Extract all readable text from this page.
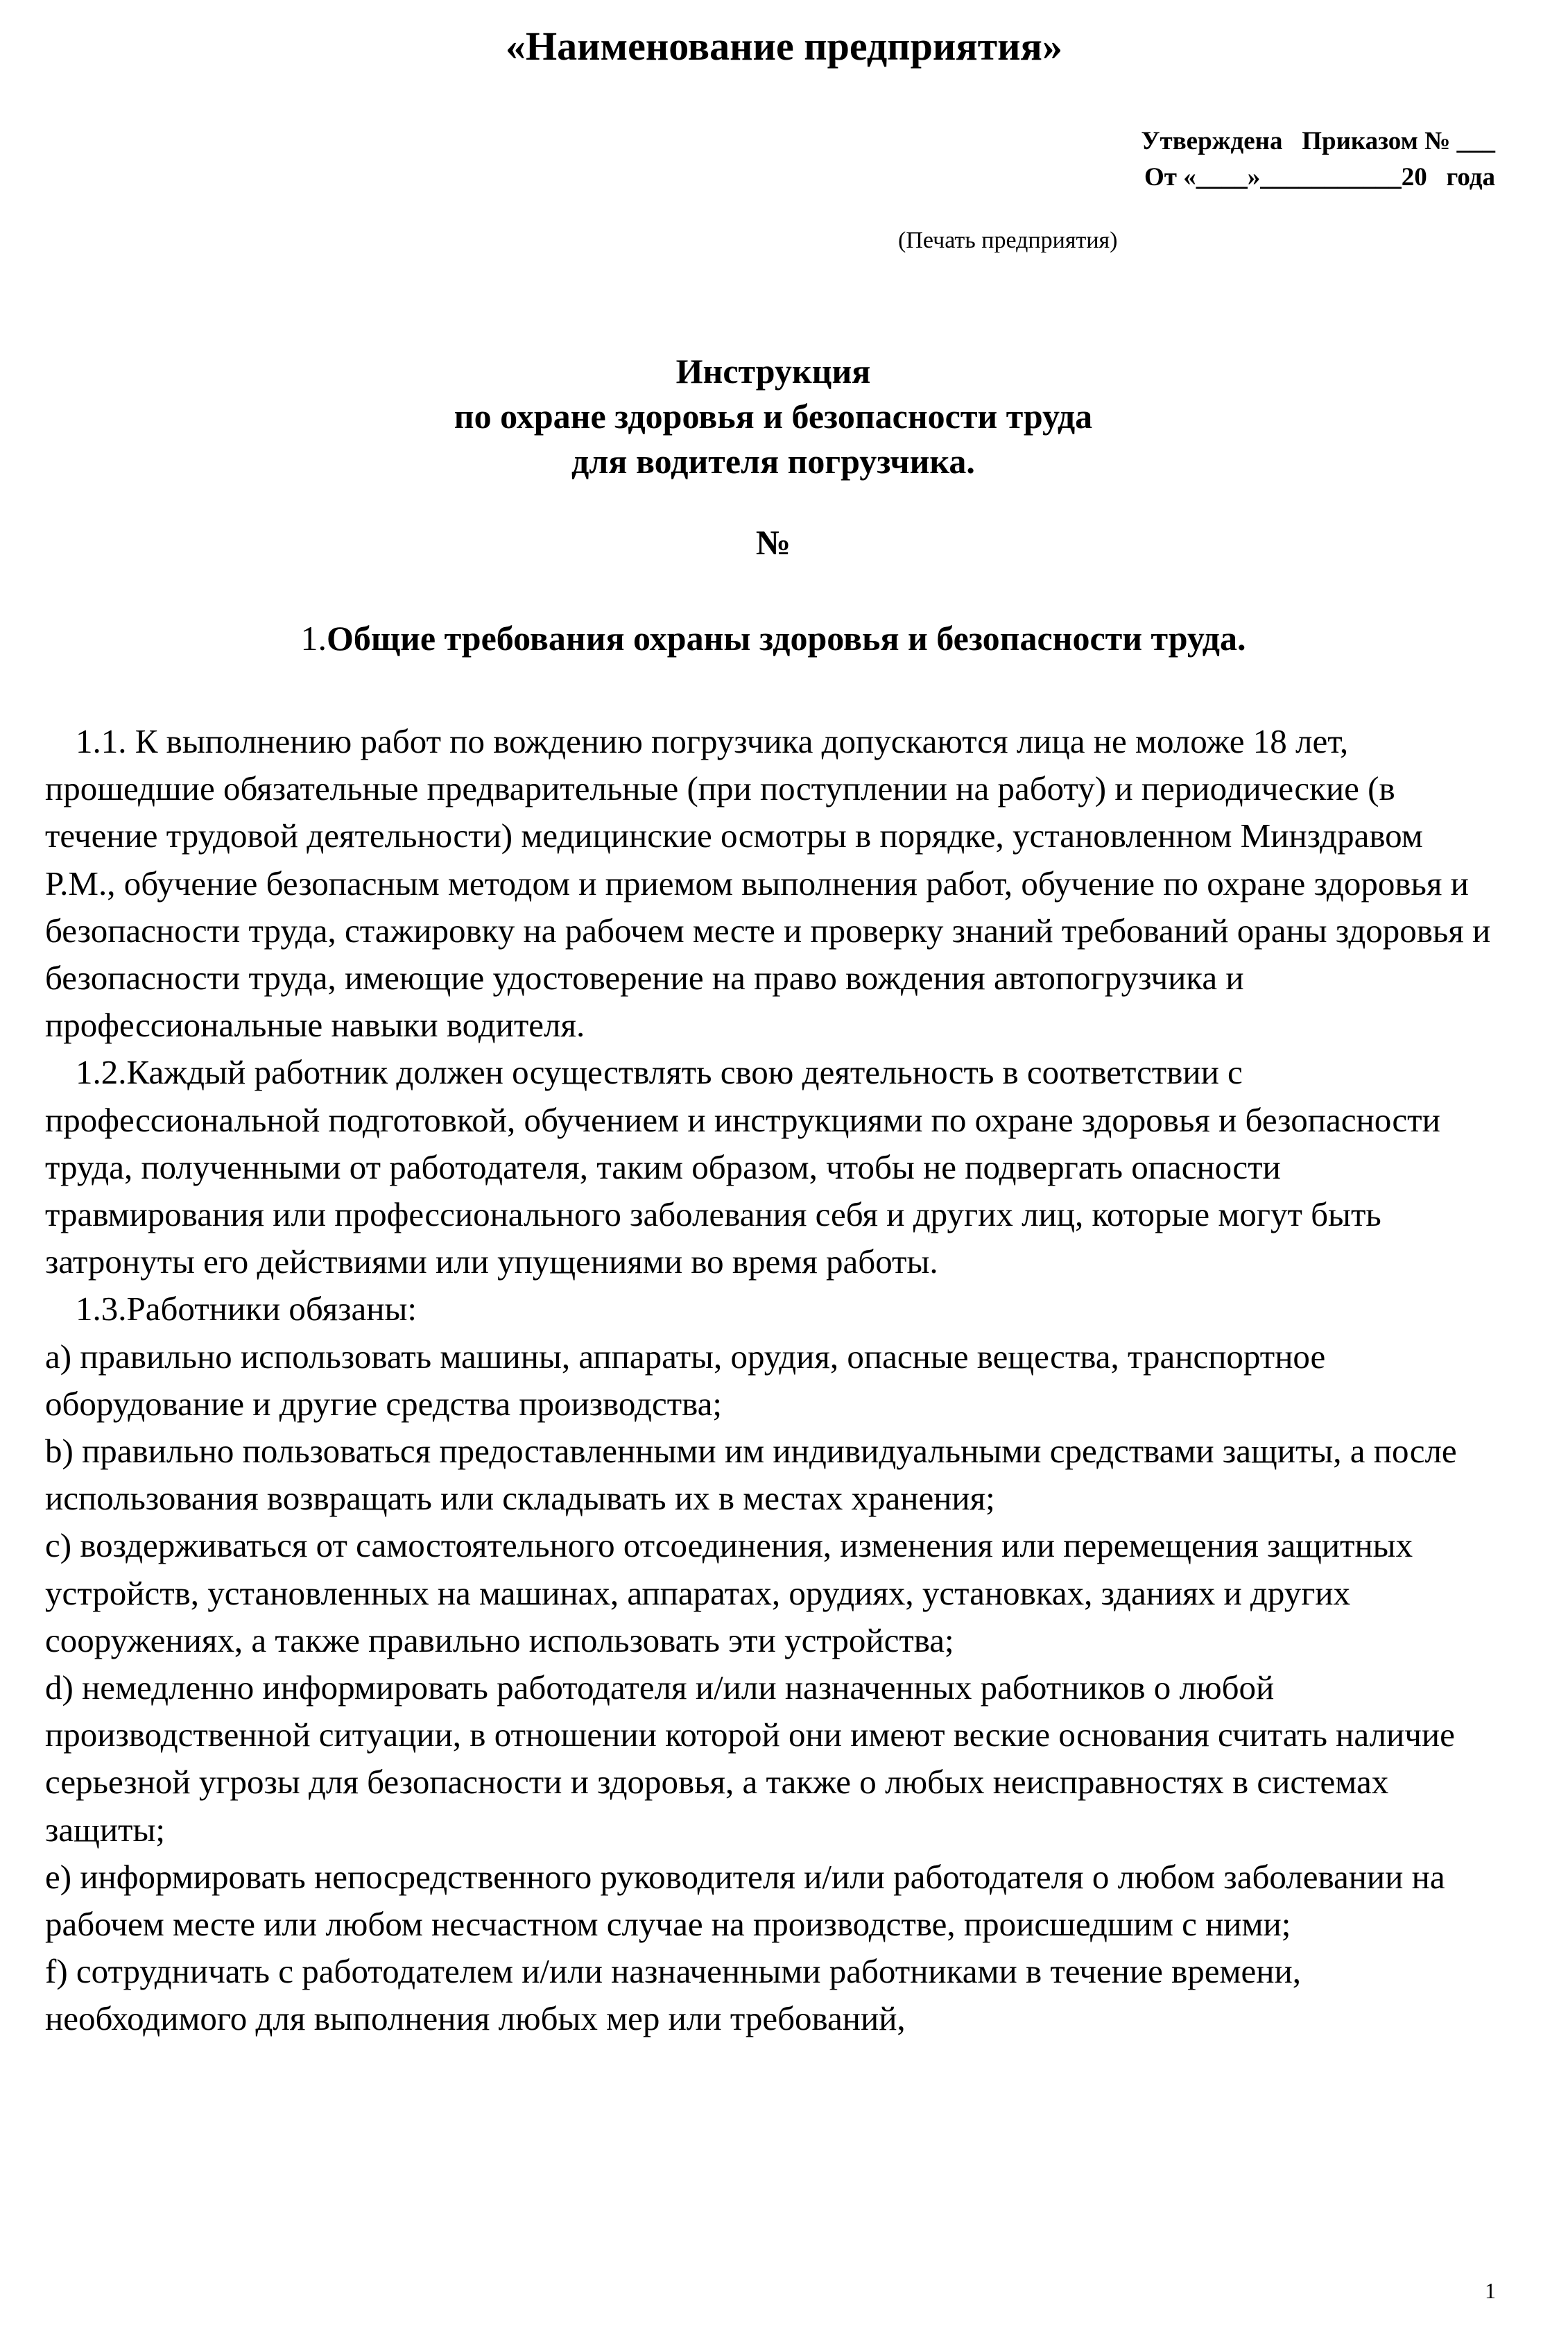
«Наименование предприятия»
Утверждена   Приказом № ___
От «____»___________20   года
(Печать предприятия)
Инструкция
по охране здоровья и безопасности труда
для водителя погрузчика.
№
1.Общие требования охраны здоровья и безопасности труда.

1.1. К выполнению работ по вождению погрузчика допускаются лица не моложе 18 лет, прошедшие обязательные предварительные (при поступлении на работу) и периодические (в течение трудовой деятельности) медицинские осмотры в порядке, установленном Минздравом Р.М., обучение безопасным методом и приемом выполнения работ, обучение по охране здоровья и безопасности труда, стажировку на рабочем месте и проверку знаний требований ораны здоровья и безопасности труда, имеющие удостоверение на право вождения автопогрузчика и профессиональные навыки водителя.

1.2.Каждый работник должен осуществлять свою деятельность в соответствии с профессиональной подготовкой, обучением и инструкциями по охране здоровья и безопасности труда, полученными от работодателя, таким образом, чтобы не подвергать опасности травмирования или профессионального заболевания себя и других лиц, которые могут быть затронуты его действиями или упущениями во время работы.

1.3.Работники обязаны:

a) правильно использовать машины, аппараты, орудия, опасные вещества, транспортное оборудование и другие средства производства;

b) правильно пользоваться предоставленными им индивидуальными средствами защиты, а после использования возвращать или складывать их в местах хранения;

c) воздерживаться от самостоятельного отсоединения, изменения или перемещения защитных устройств, установленных на машинах, аппаратах, орудиях, установках, зданиях и других сооружениях, а также правильно использовать эти устройства;

d) немедленно информировать работодателя и/или назначенных работников о любой производственной ситуации, в отношении которой они имеют веские основания считать наличие серьезной угрозы для безопасности и здоровья, а также о любых неисправностях в системах защиты;

e) информировать непосредственного руководителя и/или работодателя о любом заболевании на рабочем месте или любом несчастном случае на производстве, происшедшим с ними;

f) сотрудничать с работодателем и/или назначенными работниками в течение времени, необходимого для выполнения любых мер или требований,

1
